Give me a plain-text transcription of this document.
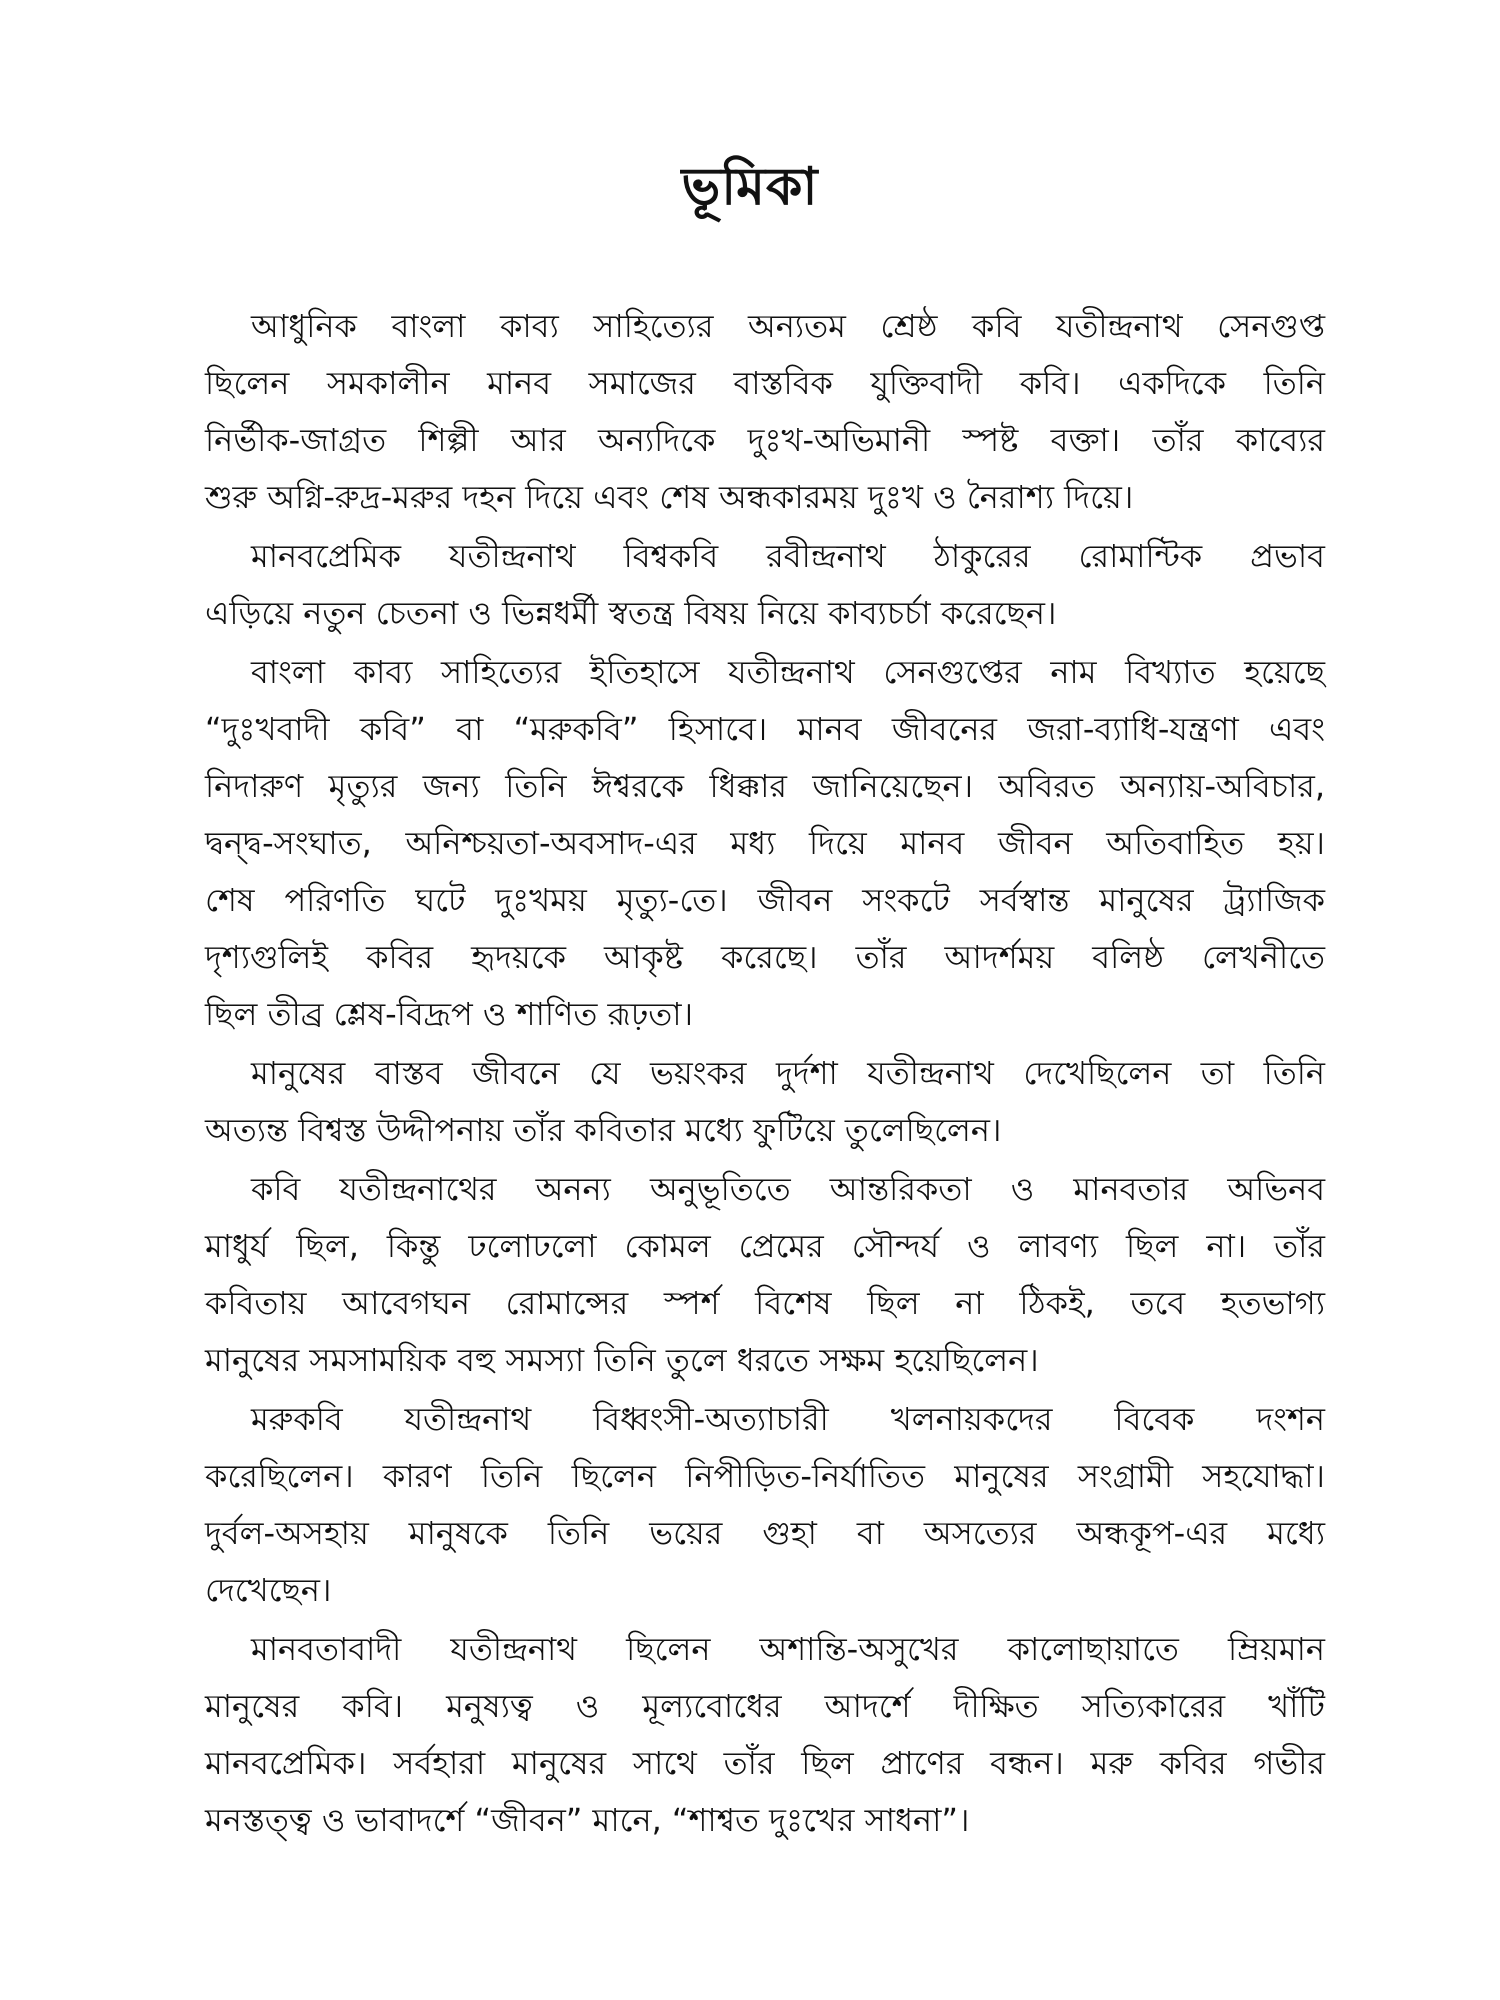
ভূমিকা

আধুনিক বাংলা কাব্য সাহিত্যের অন্যতম শ্রেষ্ঠ কবি যতীন্দ্রনাথ সেনগুপ্ত
ছিলেন সমকালীন মানব সমাজের বাস্তবিক যুক্তিবাদী কবি। একদিকে তিনি
নির্ভীক-জাগ্রত শিল্পী আর অন্যদিকে দুঃখ-অভিমানী স্পষ্ট বক্তা। তাঁর কাব্যের
শুরু অগ্নি-রুদ্র-মরুর দহন দিয়ে এবং শেষ অন্ধকারময় দুঃখ ও নৈরাশ্য দিয়ে।

মানবপ্রেমিক যতীন্দ্রনাথ বিশ্বকবি রবীন্দ্রনাথ ঠাকুরের রোমান্টিক প্রভাব
এড়িয়ে নতুন চেতনা ও ভিন্নধর্মী স্বতন্ত্র বিষয় নিয়ে কাব্যচর্চা করেছেন।

বাংলা কাব্য সাহিত্যের ইতিহাসে যতীন্দ্রনাথ সেনগুপ্তের নাম বিখ্যাত হয়েছে
“দুঃখবাদী কবি” বা “মরুকবি” হিসাবে। মানব জীবনের জরা-ব্যাধি-যন্ত্রণা এবং
নিদারুণ মৃত্যুর জন্য তিনি ঈশ্বরকে ধিক্কার জানিয়েছেন। অবিরত অন্যায়-অবিচার,
দ্বন্দ্ব-সংঘাত, অনিশ্চয়তা-অবসাদ-এর মধ্য দিয়ে মানব জীবন অতিবাহিত হয়।
শেষ পরিণতি ঘটে দুঃখময় মৃত্যু-তে। জীবন সংকটে সর্বস্বান্ত মানুষের ট্র্যাজিক
দৃশ্যগুলিই কবির হৃদয়কে আকৃষ্ট করেছে। তাঁর আদর্শময় বলিষ্ঠ লেখনীতে
ছিল তীব্র শ্লেষ-বিদ্রূপ ও শাণিত রূঢ়তা।

মানুষের বাস্তব জীবনে যে ভয়ংকর দুর্দশা যতীন্দ্রনাথ দেখেছিলেন তা তিনি
অত্যন্ত বিশ্বস্ত উদ্দীপনায় তাঁর কবিতার মধ্যে ফুটিয়ে তুলেছিলেন।

কবি যতীন্দ্রনাথের অনন্য অনুভূতিতে আন্তরিকতা ও মানবতার অভিনব
মাধুর্য ছিল, কিন্তু ঢলোঢলো কোমল প্রেমের সৌন্দর্য ও লাবণ্য ছিল না। তাঁর
কবিতায় আবেগঘন রোমান্সের স্পর্শ বিশেষ ছিল না ঠিকই, তবে হতভাগ্য
মানুষের সমসাময়িক বহু সমস্যা তিনি তুলে ধরতে সক্ষম হয়েছিলেন।

মরুকবি যতীন্দ্রনাথ বিধ্বংসী-অত্যাচারী খলনায়কদের বিবেক দংশন
করেছিলেন। কারণ তিনি ছিলেন নিপীড়িত-নির্যাতিত মানুষের সংগ্রামী সহযোদ্ধা।
দুর্বল-অসহায় মানুষকে তিনি ভয়ের গুহা বা অসত্যের অন্ধকূপ-এর মধ্যে
দেখেছেন।

মানবতাবাদী যতীন্দ্রনাথ ছিলেন অশান্তি-অসুখের কালোছায়াতে ম্রিয়মান
মানুষের কবি। মনুষ্যত্ব ও মূল্যবোধের আদর্শে দীক্ষিত সত্যিকারের খাঁটি
মানবপ্রেমিক। সর্বহারা মানুষের সাথে তাঁর ছিল প্রাণের বন্ধন। মরু কবির গভীর
মনস্তত্ত্ব ও ভাবাদর্শে “জীবন” মানে, “শাশ্বত দুঃখের সাধনা”।
